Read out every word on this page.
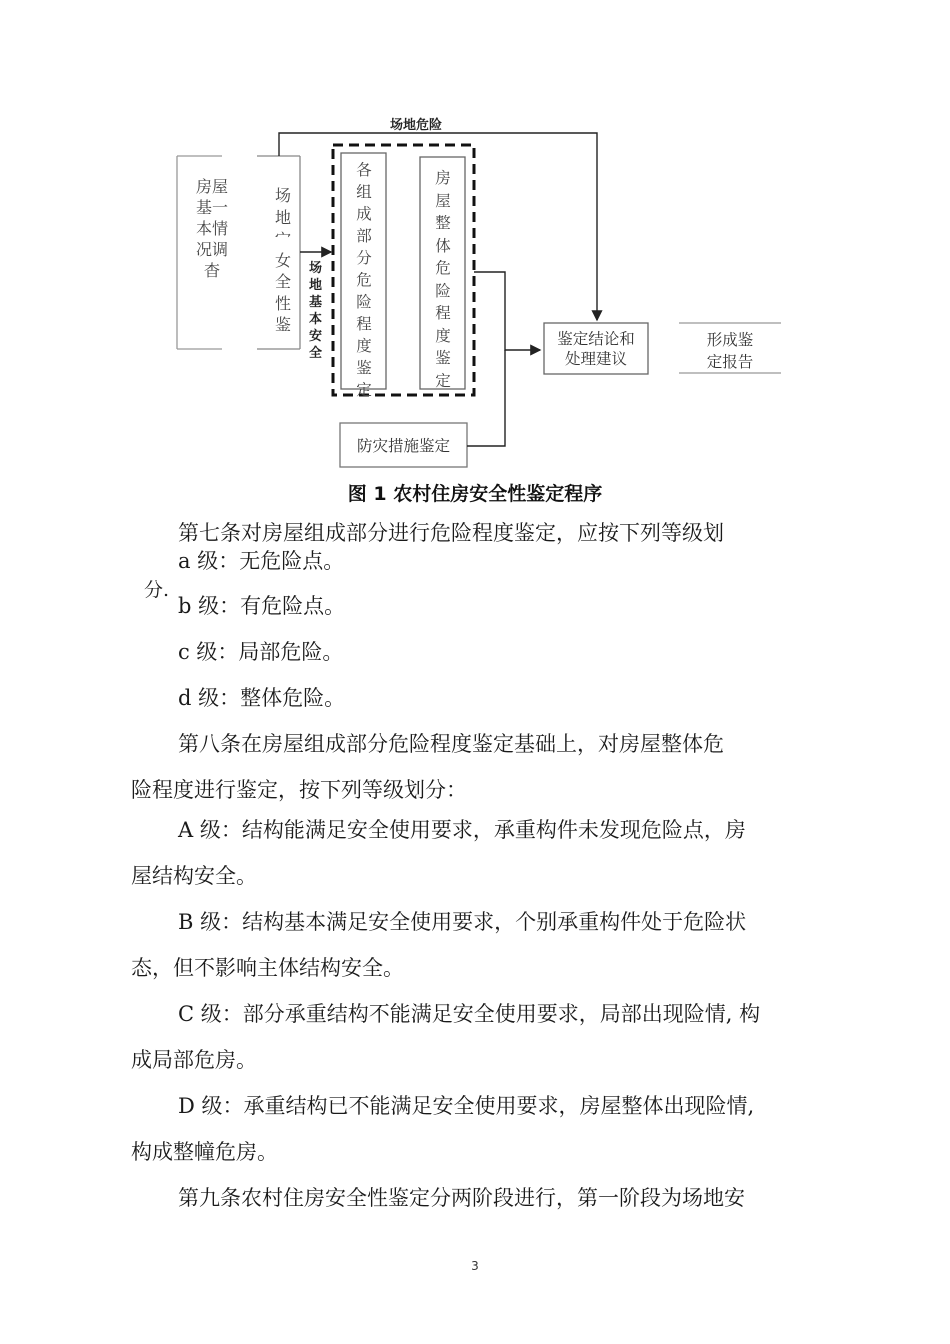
场地危险
房屋基一本情况调杳
场地宀女全性鉴
场地基本安全
各组成部分危险程度鉴定
房屋整体危险程度鉴定
鉴定结论和
处理建议
防灾措施鉴定
形成鉴
定报告
图 1 农村住房安全性鉴定程序
第七条对房屋组成部分进行危险程度鉴定，应按下列等级划
a 级：无危险点。
分.
b 级：有危险点。
c 级：局部危险。
d 级：整体危险。
第八条在房屋组成部分危险程度鉴定基础上，对房屋整体危
险程度进行鉴定，按下列等级划分：
A 级：结构能满足安全使用要求，承重构件未发现危险点，房
屋结构安全。
B 级：结构基本满足安全使用要求，个别承重构件处于危险状
态，但不影响主体结构安全。
C 级：部分承重结构不能满足安全使用要求，局部出现险情, 构
成局部危房。
D 级：承重结构已不能满足安全使用要求，房屋整体出现险情,
构成整幢危房。
第九条农村住房安全性鉴定分两阶段进行，第一阶段为场地安
3
